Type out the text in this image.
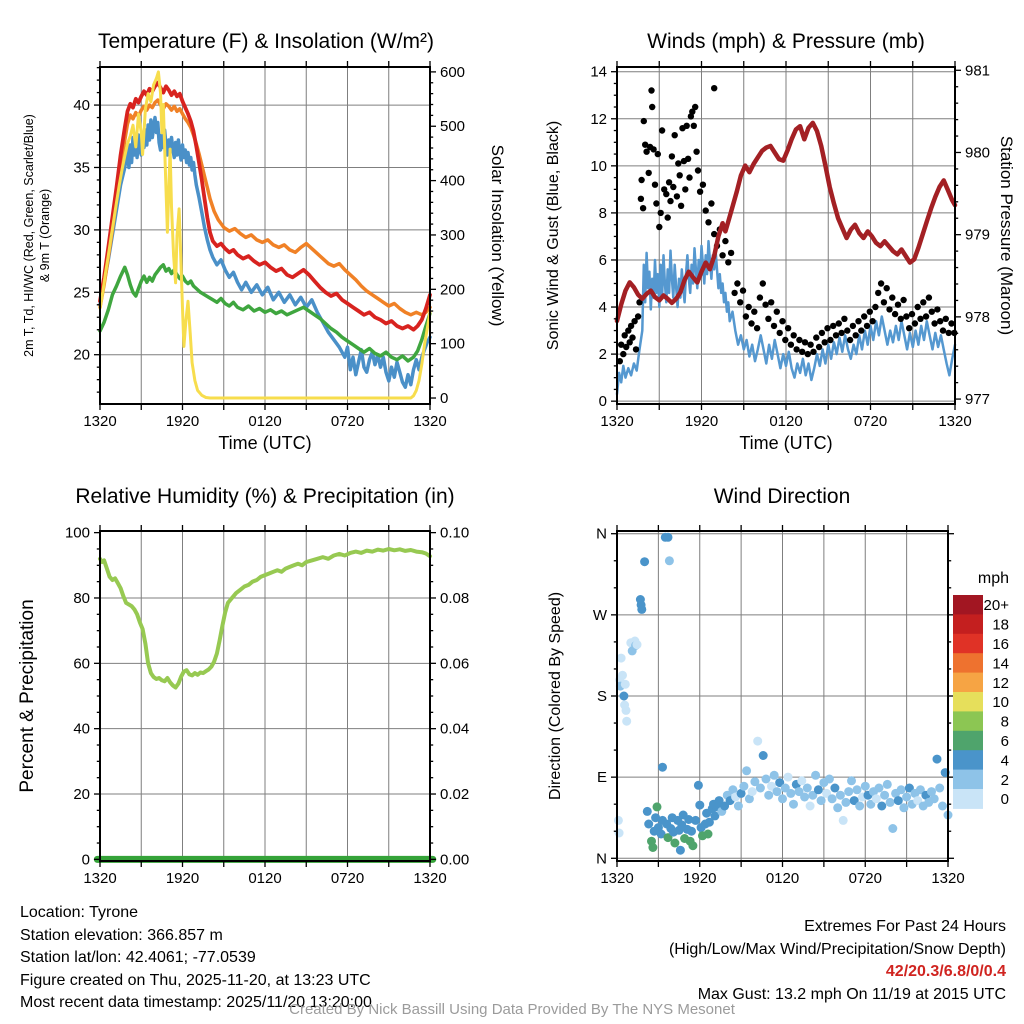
1320	1920	0120	0720	1320
Time (UTC)
20
25
30
35
40
0
100
200
300
400
500
600
2m T, Td, HI/WC (Red, Green, Scarlet/Blue) & 9m T (Orange)	Solar Insolation (Yellow)
Temperature (F) & Insolation (W/m²)
1320	1920	0120	0720	1320
Time (UTC)
0
2
4
6
8
10
12
14
977
978
979
980
981
Sonic Wind & Gust (Blue, Black)	Station Pressure (Maroon)
Winds (mph) & Pressure (mb)
1320	1920	0120	0720	1320
0
20
40
60
80
100
0.00
0.02
0.04
0.06
0.08
0.10
Percent & Precipitation
Relative Humidity (%) & Precipitation (in)
1320	1920	0120	0720	1320
N
E
S
W
N
Direction (Colored By Speed)
Wind Direction
mph
20+
18
16
14
12
10
8
6
4
2
0
Location: Tyrone
Station elevation: 366.857 m
Station lat/lon: 42.4061; -77.0539
Figure created on Thu, 2025-11-20, at 13:23 UTC
Most recent data timestamp: 2025/11/20 13:20:00
Extremes For Past 24 Hours
(High/Low/Max Wind/Precipitation/Snow Depth)
42/20.3/6.8/0/0.4
Max Gust: 13.2 mph On 11/19 at 2015 UTC
Created By Nick Bassill Using Data Provided By The NYS Mesonet
